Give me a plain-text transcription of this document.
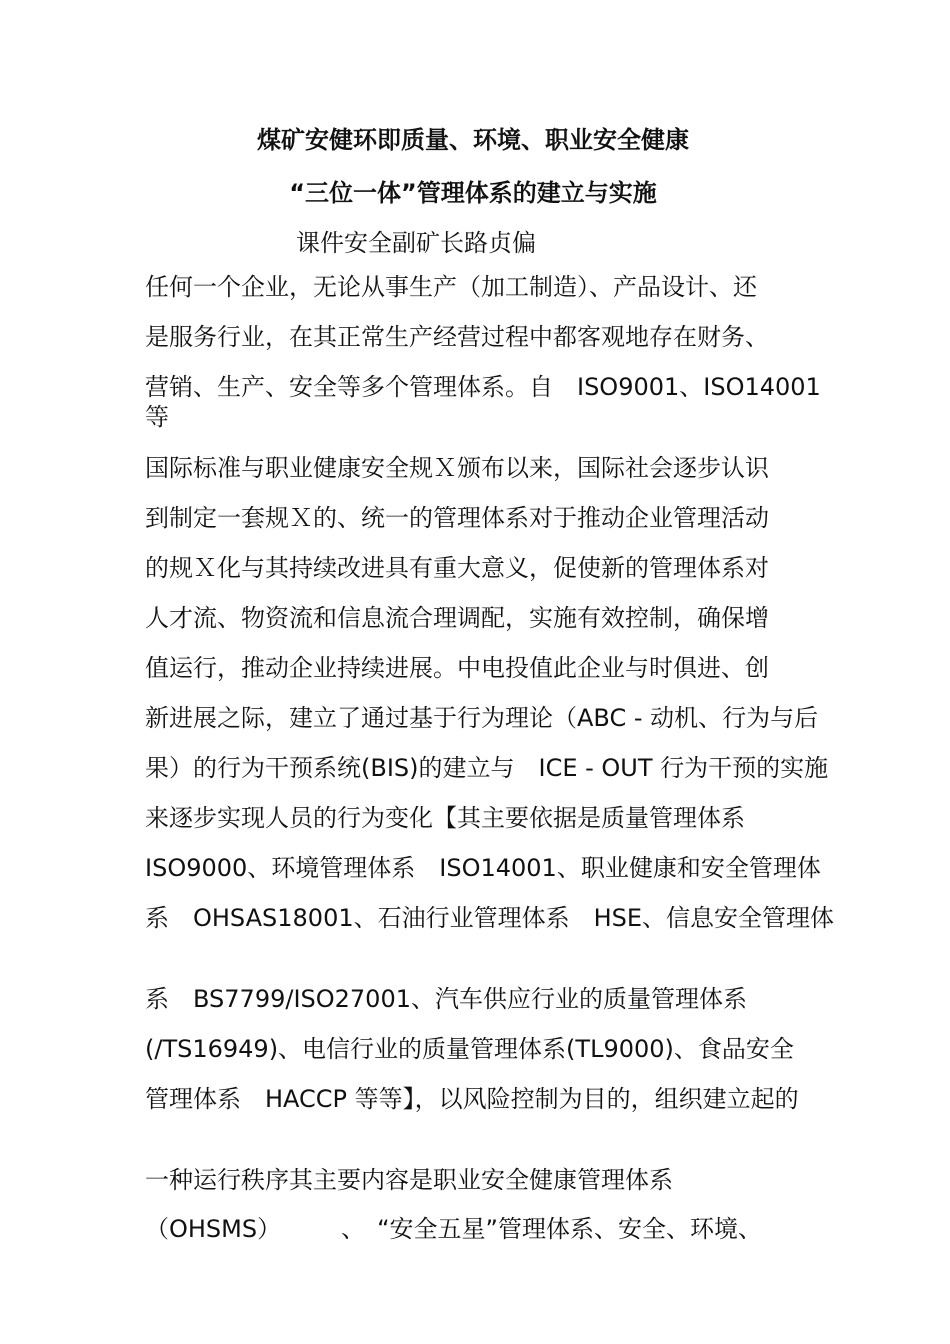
煤矿安健环即质量、环境、职业安全健康
“三位一体”管理体系的建立与实施
课件安全副矿长路贞偏
任何一个企业，无论从事生产（加工制造）、产品设计、还
是服务行业，在其正常生产经营过程中都客观地存在财务、
营销、生产、安全等多个管理体系。自　ISO9001、ISO14001等
国际标准与职业健康安全规Ｘ颁布以来，国际社会逐步认识
到制定一套规Ｘ的、统一的管理体系对于推动企业管理活动
的规Ｘ化与其持续改进具有重大意义，促使新的管理体系对
人才流、物资流和信息流合理调配，实施有效控制，确保增
值运行，推动企业持续进展。中电投值此企业与时俱进、创
新进展之际，建立了通过基于行为理论（ABC - 动机、行为与后
果）的行为干预系统(BIS)的建立与　ICE - OUT 行为干预的实施
来逐步实现人员的行为变化【其主要依据是质量管理体系
ISO9000、环境管理体系　ISO14001、职业健康和安全管理体
系　OHSAS18001、石油行业管理体系　HSE、信息安全管理体
系　BS7799/ISO27001、汽车供应行业的质量管理体系
(/TS16949)、电信行业的质量管理体系(TL9000)、食品安全
管理体系　HACCP 等等】，以风险控制为目的，组织建立起的
一种运行秩序其主要内容是职业安全健康管理体系
（OHSMS）　　　、　“安全五星”管理体系、安全、环境、
